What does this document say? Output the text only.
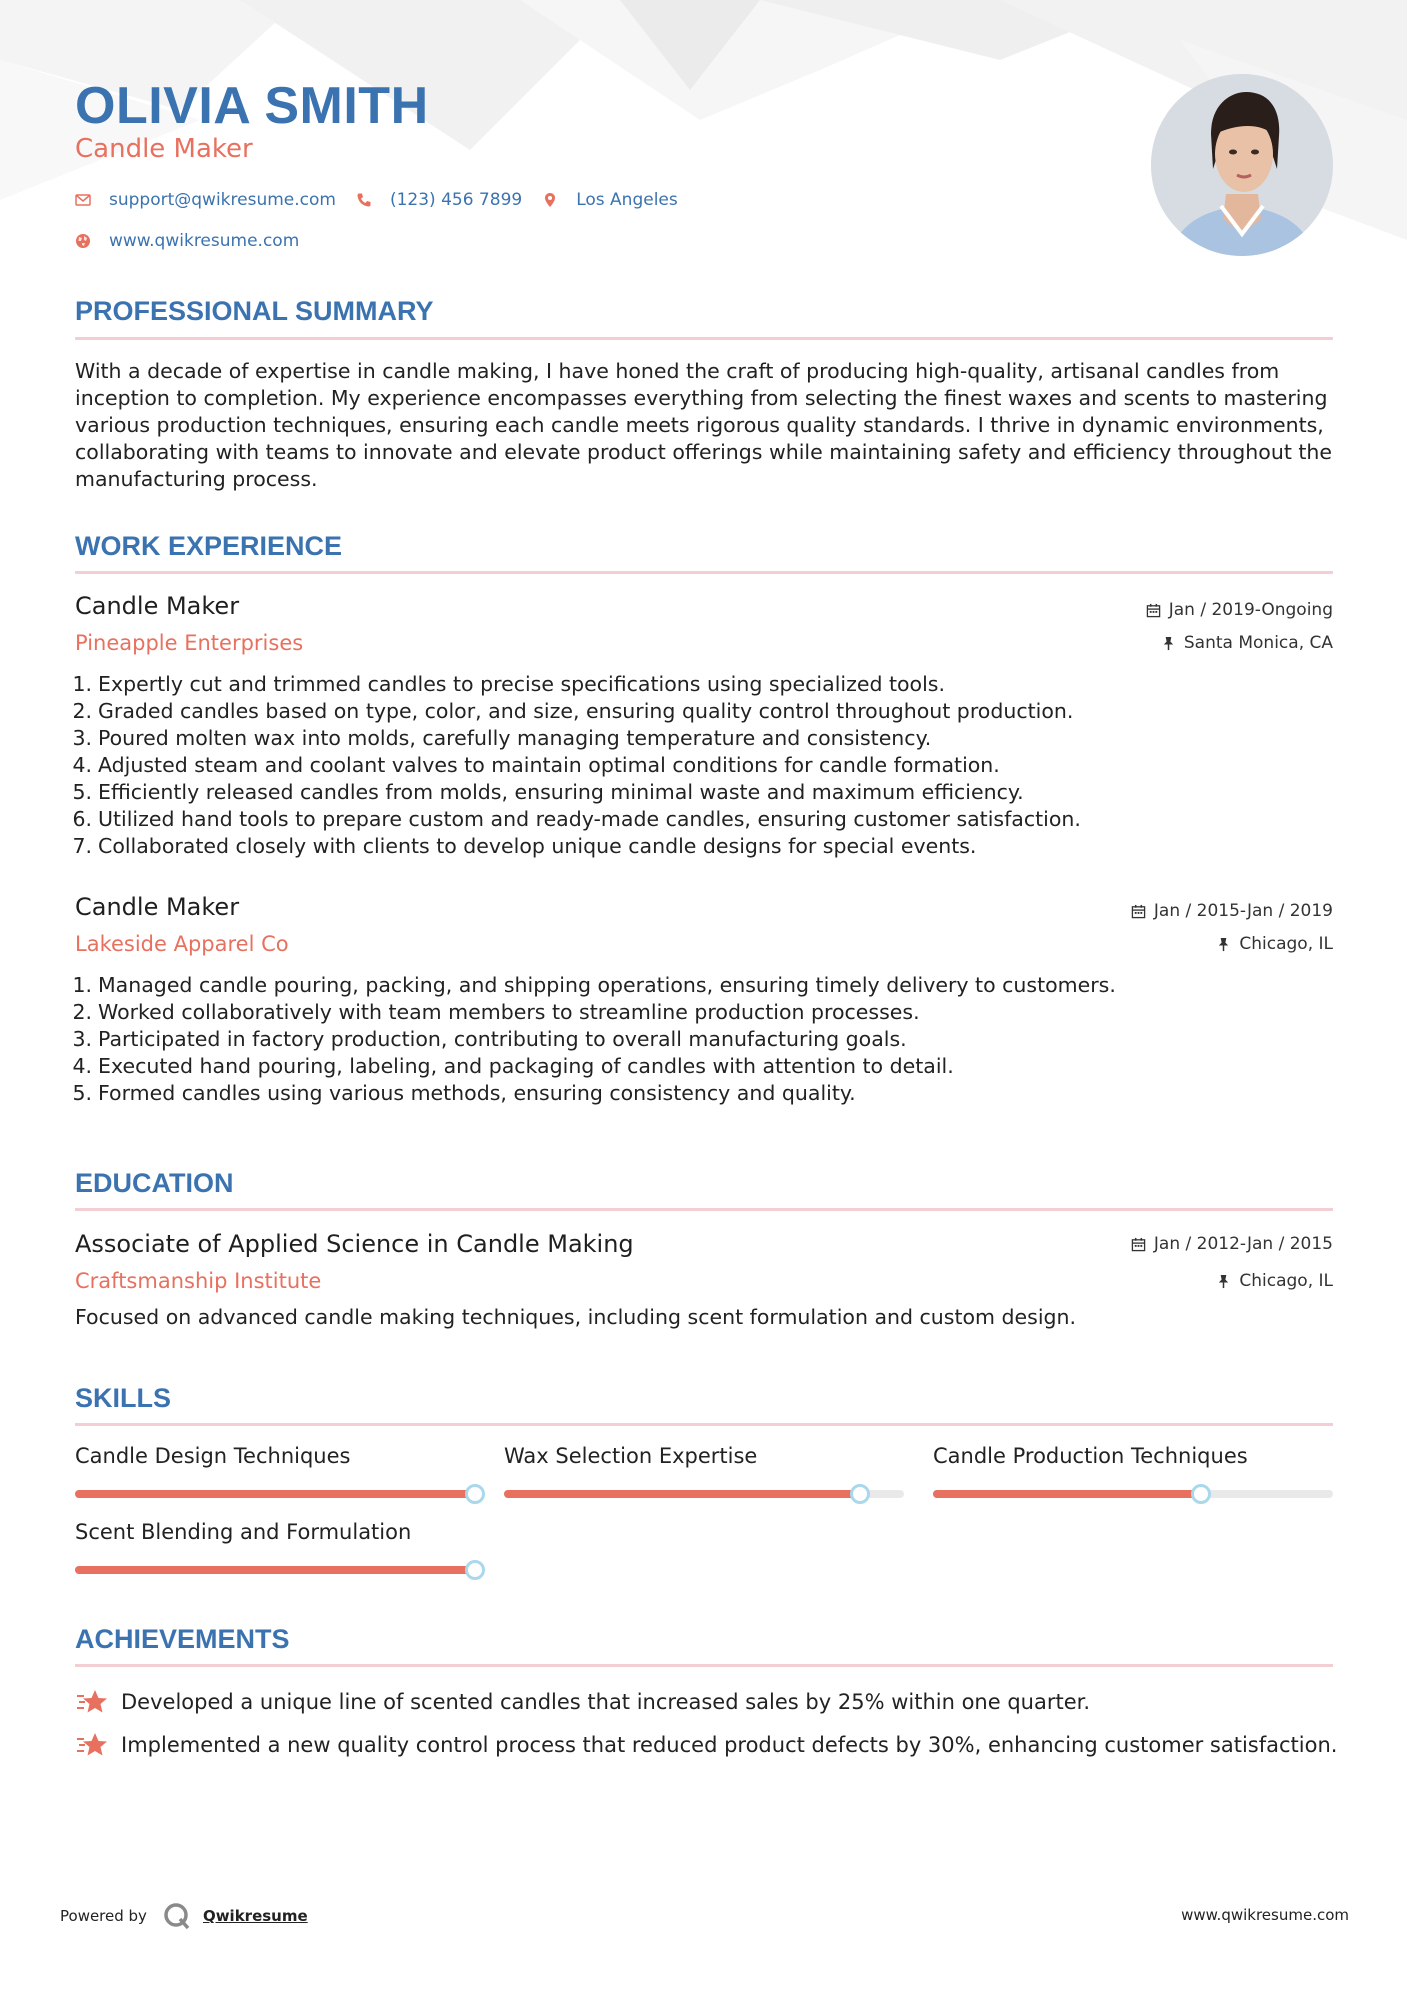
OLIVIA SMITH
Candle Maker
support@qwikresume.com	(123) 456 7899	Los Angeles
www.qwikresume.com
PROFESSIONAL SUMMARY
With a decade of expertise in candle making, I have honed the craft of producing high-quality, artisanal candles from inception to completion. My experience encompasses everything from selecting the finest waxes and scents to mastering various production techniques, ensuring each candle meets rigorous quality standards. I thrive in dynamic environments, collaborating with teams to innovate and elevate product offerings while maintaining safety and efficiency throughout the manufacturing process.
WORK EXPERIENCE
Candle Maker
Pineapple Enterprises
Jan / 2019-Ongoing
Santa Monica, CA
1. Expertly cut and trimmed candles to precise specifications using specialized tools.
2. Graded candles based on type, color, and size, ensuring quality control throughout production.
3. Poured molten wax into molds, carefully managing temperature and consistency.
4. Adjusted steam and coolant valves to maintain optimal conditions for candle formation.
5. Efficiently released candles from molds, ensuring minimal waste and maximum efficiency.
6. Utilized hand tools to prepare custom and ready-made candles, ensuring customer satisfaction.
7. Collaborated closely with clients to develop unique candle designs for special events.
Candle Maker
Lakeside Apparel Co
Jan / 2015-Jan / 2019
Chicago, IL
1. Managed candle pouring, packing, and shipping operations, ensuring timely delivery to customers.
2. Worked collaboratively with team members to streamline production processes.
3. Participated in factory production, contributing to overall manufacturing goals.
4. Executed hand pouring, labeling, and packaging of candles with attention to detail.
5. Formed candles using various methods, ensuring consistency and quality.
EDUCATION
Associate of Applied Science in Candle Making
Craftsmanship Institute
Jan / 2012-Jan / 2015
Chicago, IL
Focused on advanced candle making techniques, including scent formulation and custom design.
SKILLS
Candle Design Techniques	Wax Selection Expertise	Candle Production Techniques
Scent Blending and Formulation
ACHIEVEMENTS
Developed a unique line of scented candles that increased sales by 25% within one quarter.
Implemented a new quality control process that reduced product defects by 30%, enhancing customer satisfaction.
Powered by	Qwikresume	www.qwikresume.com
